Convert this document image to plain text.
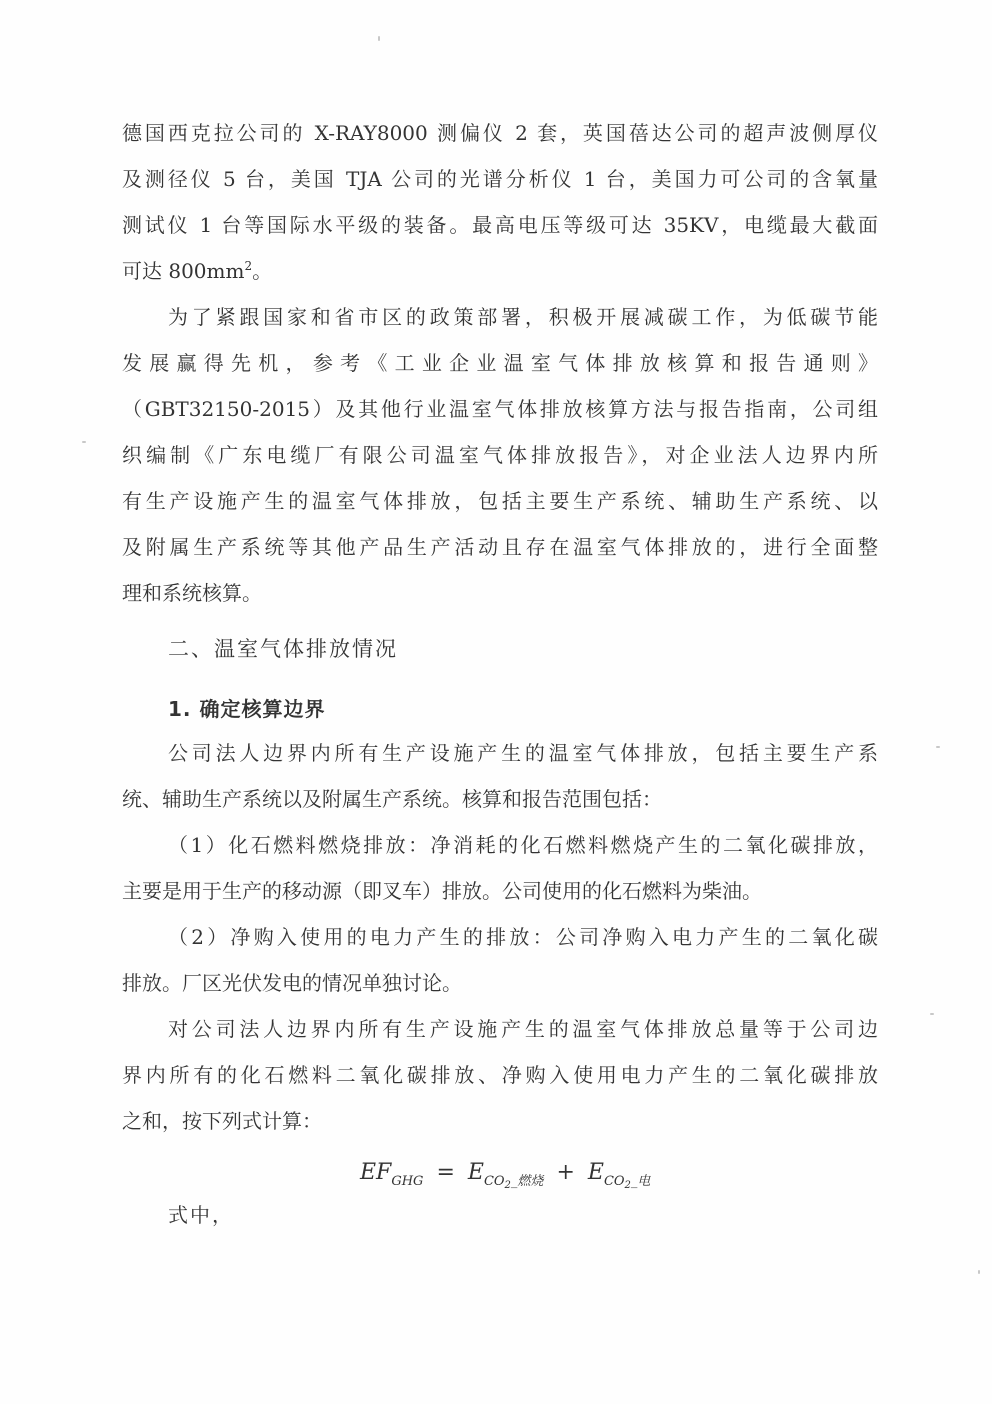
德国西克拉公司的 X-RAY8000 测偏仪 2 套，英国蓓达公司的超声波侧厚仪
及测径仪 5 台，美国 TJA 公司的光谱分析仪 1 台，美国力可公司的含氧量
测试仪 1 台等国际水平级的装备。最高电压等级可达 35KV，电缆最大截面
可达 $800mm^2$。
为了紧跟国家和省市区的政策部署，积极开展减碳工作，为低碳节能
发展赢得先机，参考《工业企业温室气体排放核算和报告通则》
（GBT32150-2015）及其他行业温室气体排放核算方法与报告指南，公司组
织编制《广东电缆厂有限公司温室气体排放报告》，对企业法人边界内所
有生产设施产生的温室气体排放，包括主要生产系统、辅助生产系统、以
及附属生产系统等其他产品生产活动且存在温室气体排放的，进行全面整
理和系统核算。
二、温室气体排放情况
1. 确定核算边界
公司法人边界内所有生产设施产生的温室气体排放，包括主要生产系
统、辅助生产系统以及附属生产系统。核算和报告范围包括：
（1）化石燃料燃烧排放：净消耗的化石燃料燃烧产生的二氧化碳排放，
主要是用于生产的移动源（即叉车）排放。公司使用的化石燃料为柴油。
（2）净购入使用的电力产生的排放：公司净购入电力产生的二氧化碳
排放。厂区光伏发电的情况单独讨论。
对公司法人边界内所有生产设施产生的温室气体排放总量等于公司边
界内所有的化石燃料二氧化碳排放、净购入使用电力产生的二氧化碳排放
之和，按下列式计算：
$EF_{GHG} = E_{CO_2\_燃烧} + E_{CO_2\_电}$
式中，
